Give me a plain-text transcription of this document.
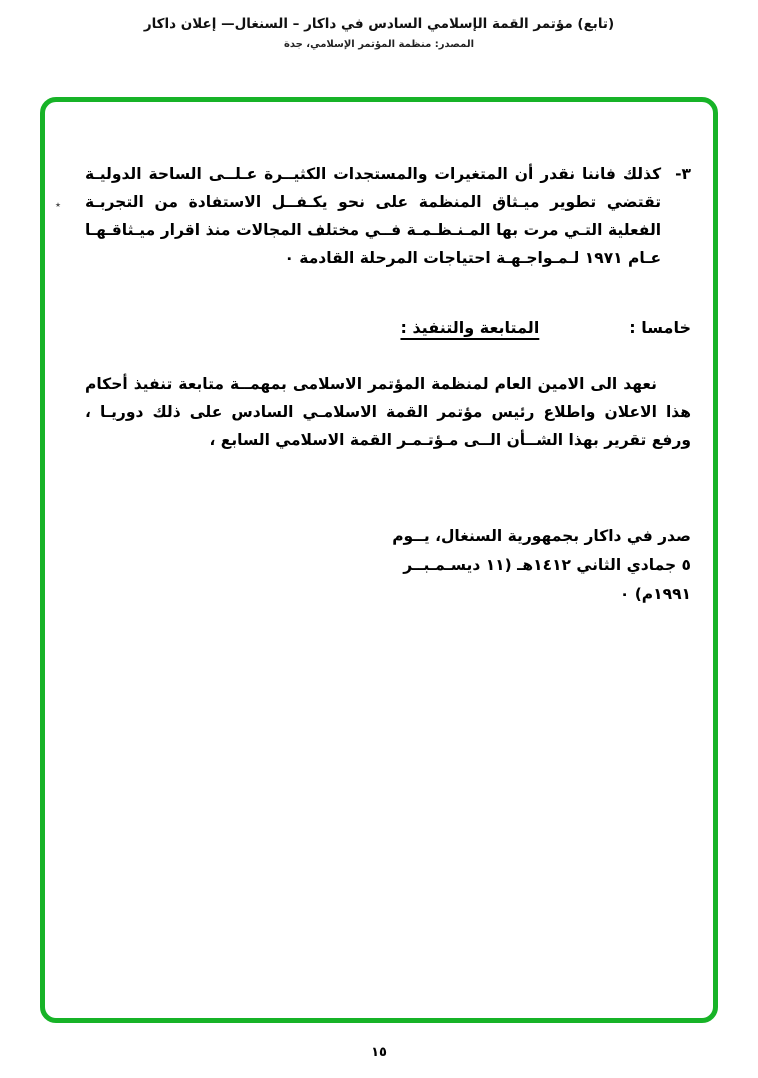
(تابع) مؤتمر القمة الإسلامي السادس في داكار – السنغال— إعلان داكار
المصدر: منظمة المؤتمر الإسلامي، جدة
٭
٣-
كذلك فاننا نقدر أن المتغيرات والمستجدات الكثيــرة عـلــى الساحة الدوليـة تقتضي تطوير ميـثاق المنظمة على نحو يكـفــل الاستفادة من التجربـة الفعلية التـي مرت بها المـنـظـمـة فــي مختلف المجالات منذ اقرار ميـثاقـهـا عـام ١٩٧١ لـمـواجـهـة احتياجات المرحلة القادمة ٠
خامسا :
المتابعة والتنفيذ :
نعهد الى الامين العام لمنظمة المؤتمر الاسلامى بمهمــة متابعة تنفيذ أحكام هذا الاعلان واطلاع رئيس مؤتمر القمة الاسلامـي السادس على ذلك دوريـا ، ورفع تقرير بهذا الشــأن الــى مـؤتـمـر القمة الاسلامي السابع ،
صدر في داكار بجمهورية السنغال، يــوم
٥ جمادي الثاني ١٤١٢هـ (١١ ديسـمـبــر
١٩٩١م) ٠
١٥
